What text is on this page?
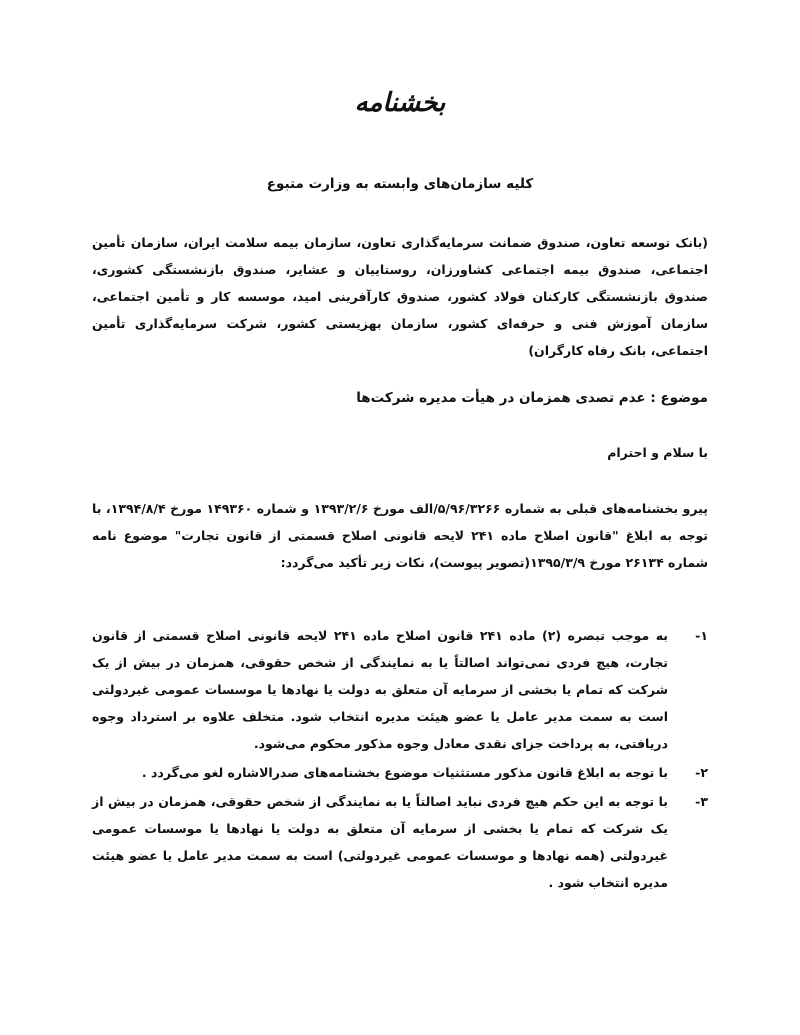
بخشنامه
کلیه سازمان‌های وابسته به وزارت متبوع
(بانک توسعه تعاون، صندوق ضمانت سرمایه‌گذاری تعاون، سازمان بیمه سلامت ایران، سازمان تأمین اجتماعی، صندوق بیمه اجتماعی کشاورزان، روستاییان و عشایر، صندوق بازنشستگی کشوری، صندوق بازنشستگی کارکنان فولاد کشور، صندوق کارآفرینی امید، موسسه کار و تأمین اجتماعی، سازمان آموزش فنی و حرفه‌ای کشور، سازمان بهزیستی کشور، شرکت سرمایه‌گذاری تأمین اجتماعی، بانک رفاه کارگران)
موضوع : عدم تصدی همزمان در هیأت مدیره شرکت‌ها
با سلام و احترام
پیرو بخشنامه‌های قبلی به شماره ۵/۹۶/۳۲۶۶/الف مورخ ۱۳۹۳/۲/۶ و شماره ۱۴۹۳۶۰ مورخ ۱۳۹۴/۸/۴، با توجه به ابلاغ "قانون اصلاح ماده ۲۴۱ لایحه قانونی اصلاح قسمتی از قانون تجارت" موضوع نامه شماره ۲۶۱۳۴ مورخ ۱۳۹۵/۳/۹(تصویر پیوست)، نکات زیر تأکید می‌گردد:
۱-
به موجب تبصره (۲) ماده ۲۴۱ قانون اصلاح ماده ۲۴۱ لایحه قانونی اصلاح قسمتی از قانون تجارت، هیچ فردی نمی‌تواند اصالتاً یا به نمایندگی از شخص حقوقی، همزمان در بیش از یک شرکت که تمام یا بخشی از سرمایه آن متعلق به دولت یا نهادها یا موسسات عمومی غیردولتی است به سمت مدیر عامل یا عضو هیئت مدیره انتخاب شود. متخلف علاوه بر استرداد وجوه دریافتی، به پرداخت جزای نقدی معادل وجوه مذکور محکوم می‌شود.
۲-
با توجه به ابلاغ قانون مذکور مستثنیات موضوع بخشنامه‌های صدرالاشاره لغو می‌گردد .
۳-
با توجه به این حکم هیچ فردی نباید اصالتاً یا به نمایندگی از شخص حقوقی، همزمان در بیش از یک شرکت که تمام یا بخشی از سرمایه آن متعلق به دولت یا نهادها یا موسسات عمومی غیردولتی (همه نهادها و موسسات عمومی غیردولتی) است به سمت مدیر عامل یا عضو هیئت مدیره انتخاب شود .
